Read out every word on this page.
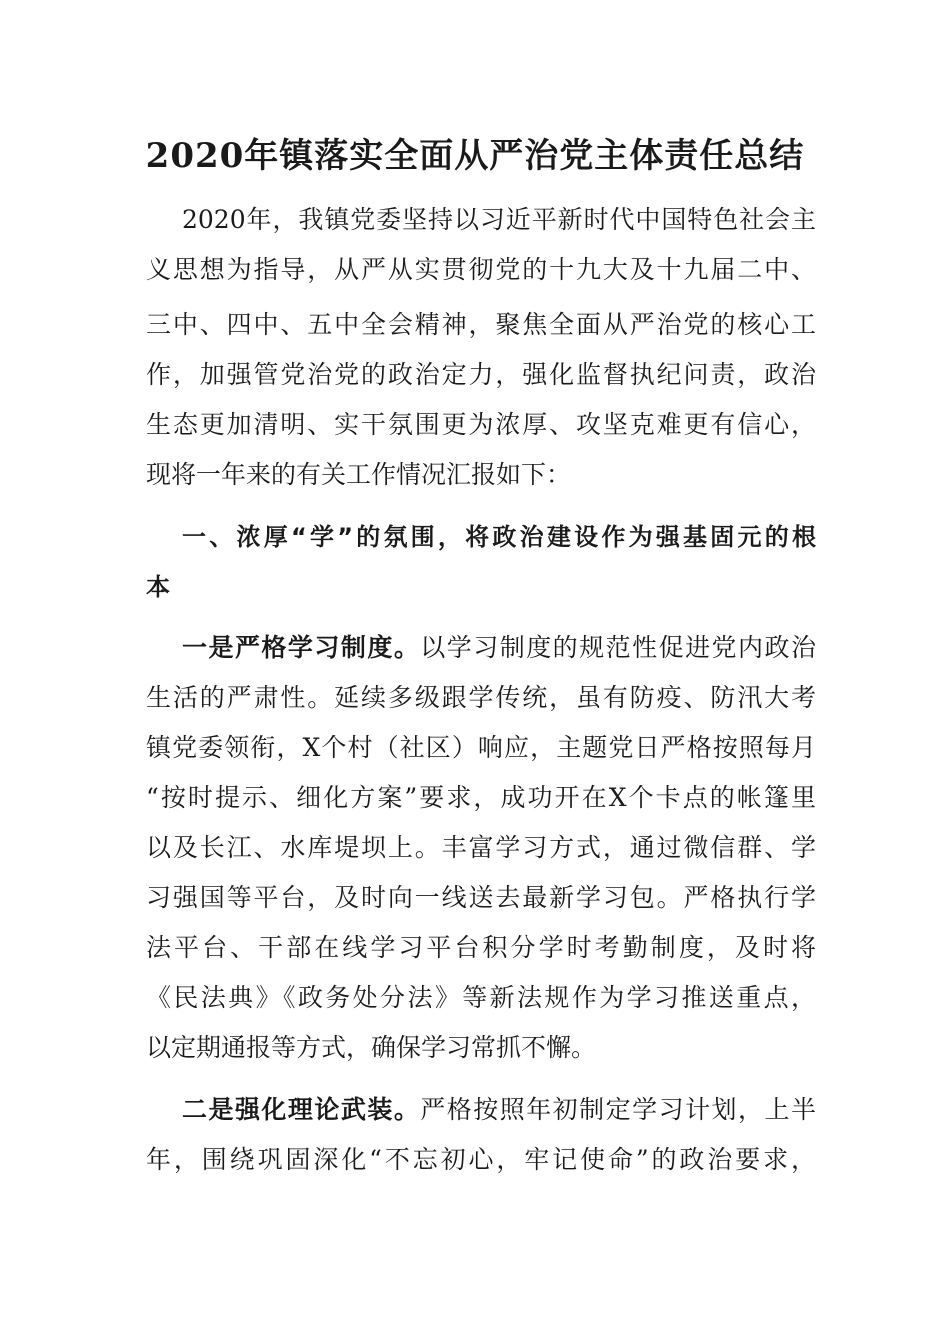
2020年镇落实全面从严治党主体责任总结
2020年，我镇党委坚持以习近平新时代中国特色社会主
义思想为指导，从严从实贯彻党的十九大及十九届二中、
三中、四中、五中全会精神，聚焦全面从严治党的核心工
作，加强管党治党的政治定力，强化监督执纪问责，政治
生态更加清明、实干氛围更为浓厚、攻坚克难更有信心，
现将一年来的有关工作情况汇报如下：
一、浓厚“学”的氛围，将政治建设作为强基固元的根
本
一是严格学习制度。以学习制度的规范性促进党内政治
生活的严肃性。延续多级跟学传统，虽有防疫、防汛大考
镇党委领衔，X个村（社区）响应，主题党日严格按照每月
“按时提示、细化方案”要求，成功开在X个卡点的帐篷里
以及长江、水库堤坝上。丰富学习方式，通过微信群、学
习强国等平台，及时向一线送去最新学习包。严格执行学
法平台、干部在线学习平台积分学时考勤制度，及时将
《民法典》《政务处分法》等新法规作为学习推送重点，
以定期通报等方式，确保学习常抓不懈。
二是强化理论武装。严格按照年初制定学习计划，上半
年，围绕巩固深化“不忘初心，牢记使命”的政治要求，
